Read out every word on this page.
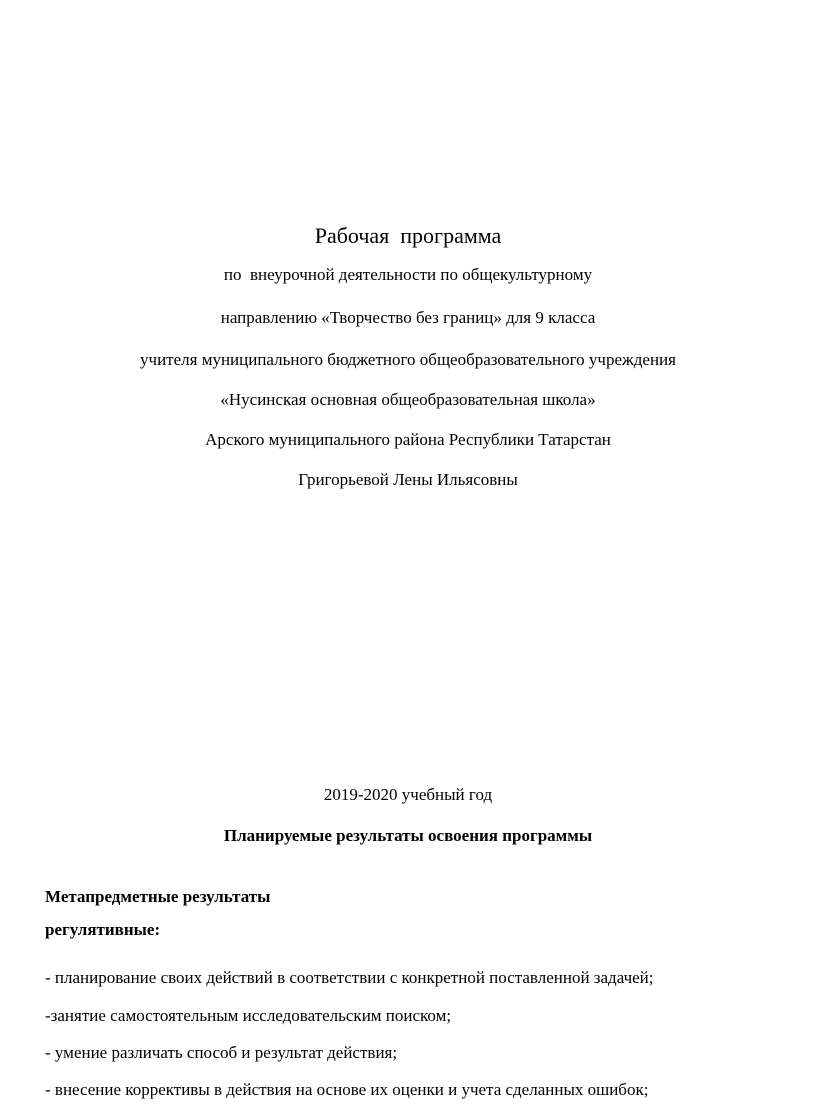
Рабочая  программа
по  внеурочной деятельности по общекультурному
направлению «Творчество без границ» для 9 класса
учителя муниципального бюджетного общеобразовательного учреждения
«Нусинская основная общеобразовательная школа»
Арского муниципального района Республики Татарстан
Григорьевой Лены Ильясовны
2019-2020 учебный год
Планируемые результаты освоения программы
Метапредметные результаты
регулятивные:
- планирование своих действий в соответствии с конкретной поставленной задачей;
-занятие самостоятельным исследовательским поиском;
- умение различать способ и результат действия;
- внесение коррективы в действия на основе их оценки и учета сделанных ошибок;
